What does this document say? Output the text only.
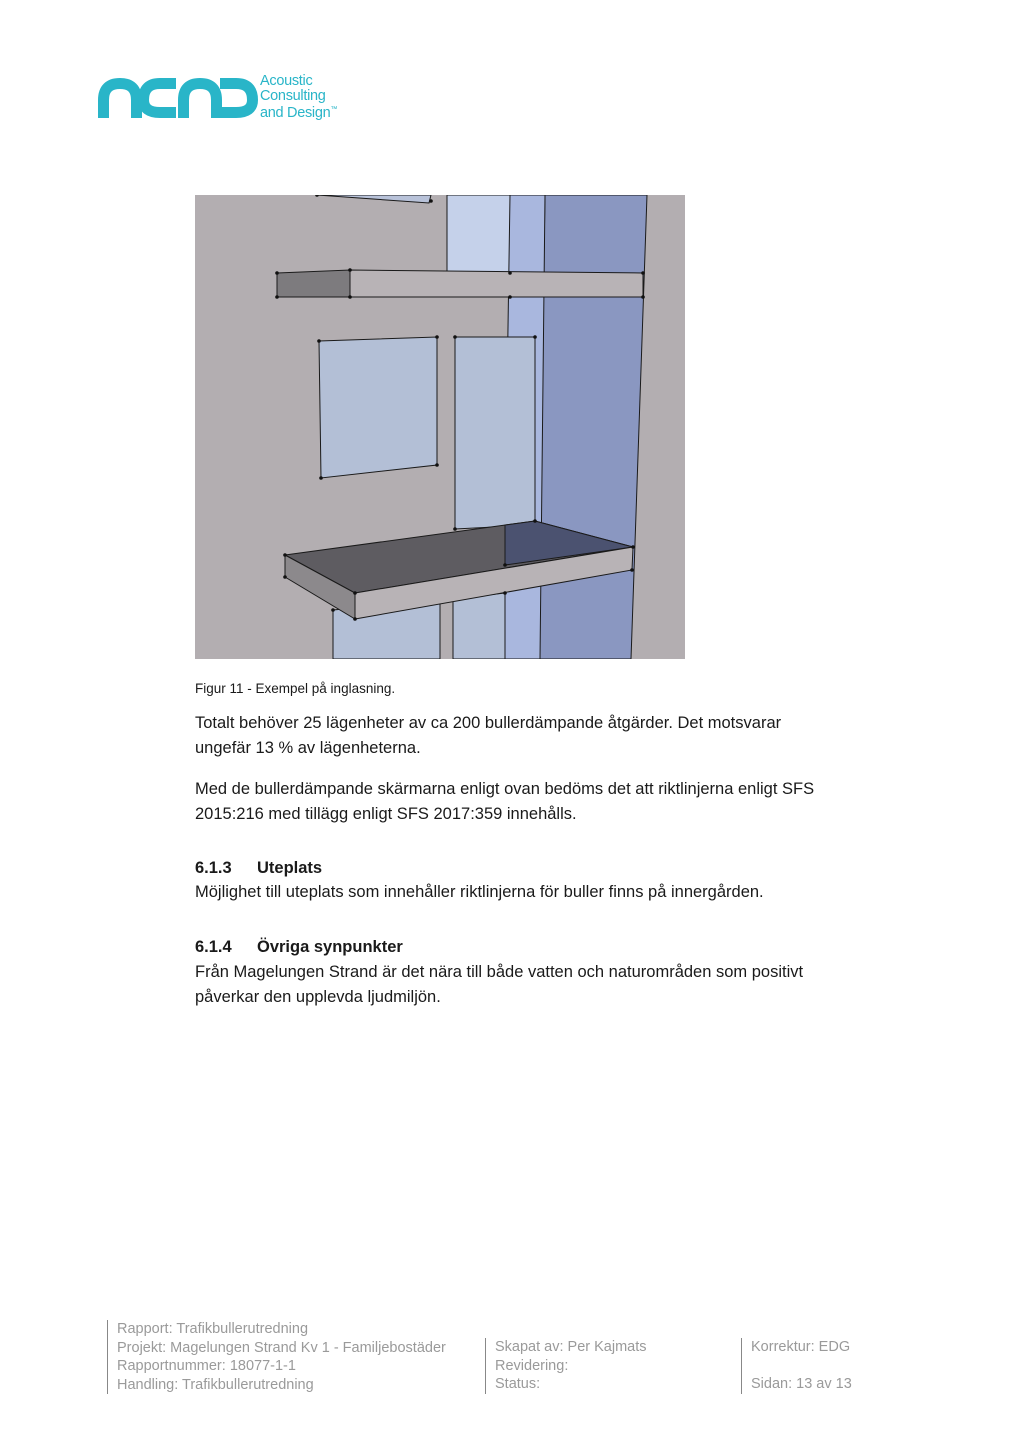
Acoustic
Consulting
and Design™
Figur 11 - Exempel på inglasning.
Totalt behöver 25 lägenheter av ca 200 bullerdämpande åtgärder. Det motsvarar ungefär 13 % av lägenheterna.
Med de bullerdämpande skärmarna enligt ovan bedöms det att riktlinjerna enligt SFS 2015:216 med tillägg enligt SFS 2017:359 innehålls.
6.1.3 Uteplats
Möjlighet till uteplats som innehåller riktlinjerna för buller finns på innergården.
6.1.4 Övriga synpunkter
Från Magelungen Strand är det nära till både vatten och naturområden som positivt påverkar den upplevda ljudmiljön.
Rapport: Trafikbullerutredning
Projekt: Magelungen Strand Kv 1 - Familjebostäder
Rapportnummer: 18077-1-1
Handling: Trafikbullerutredning
Skapat av: Per Kajmats
Revidering:
Status:
Korrektur: EDG

Sidan: 13 av 13
